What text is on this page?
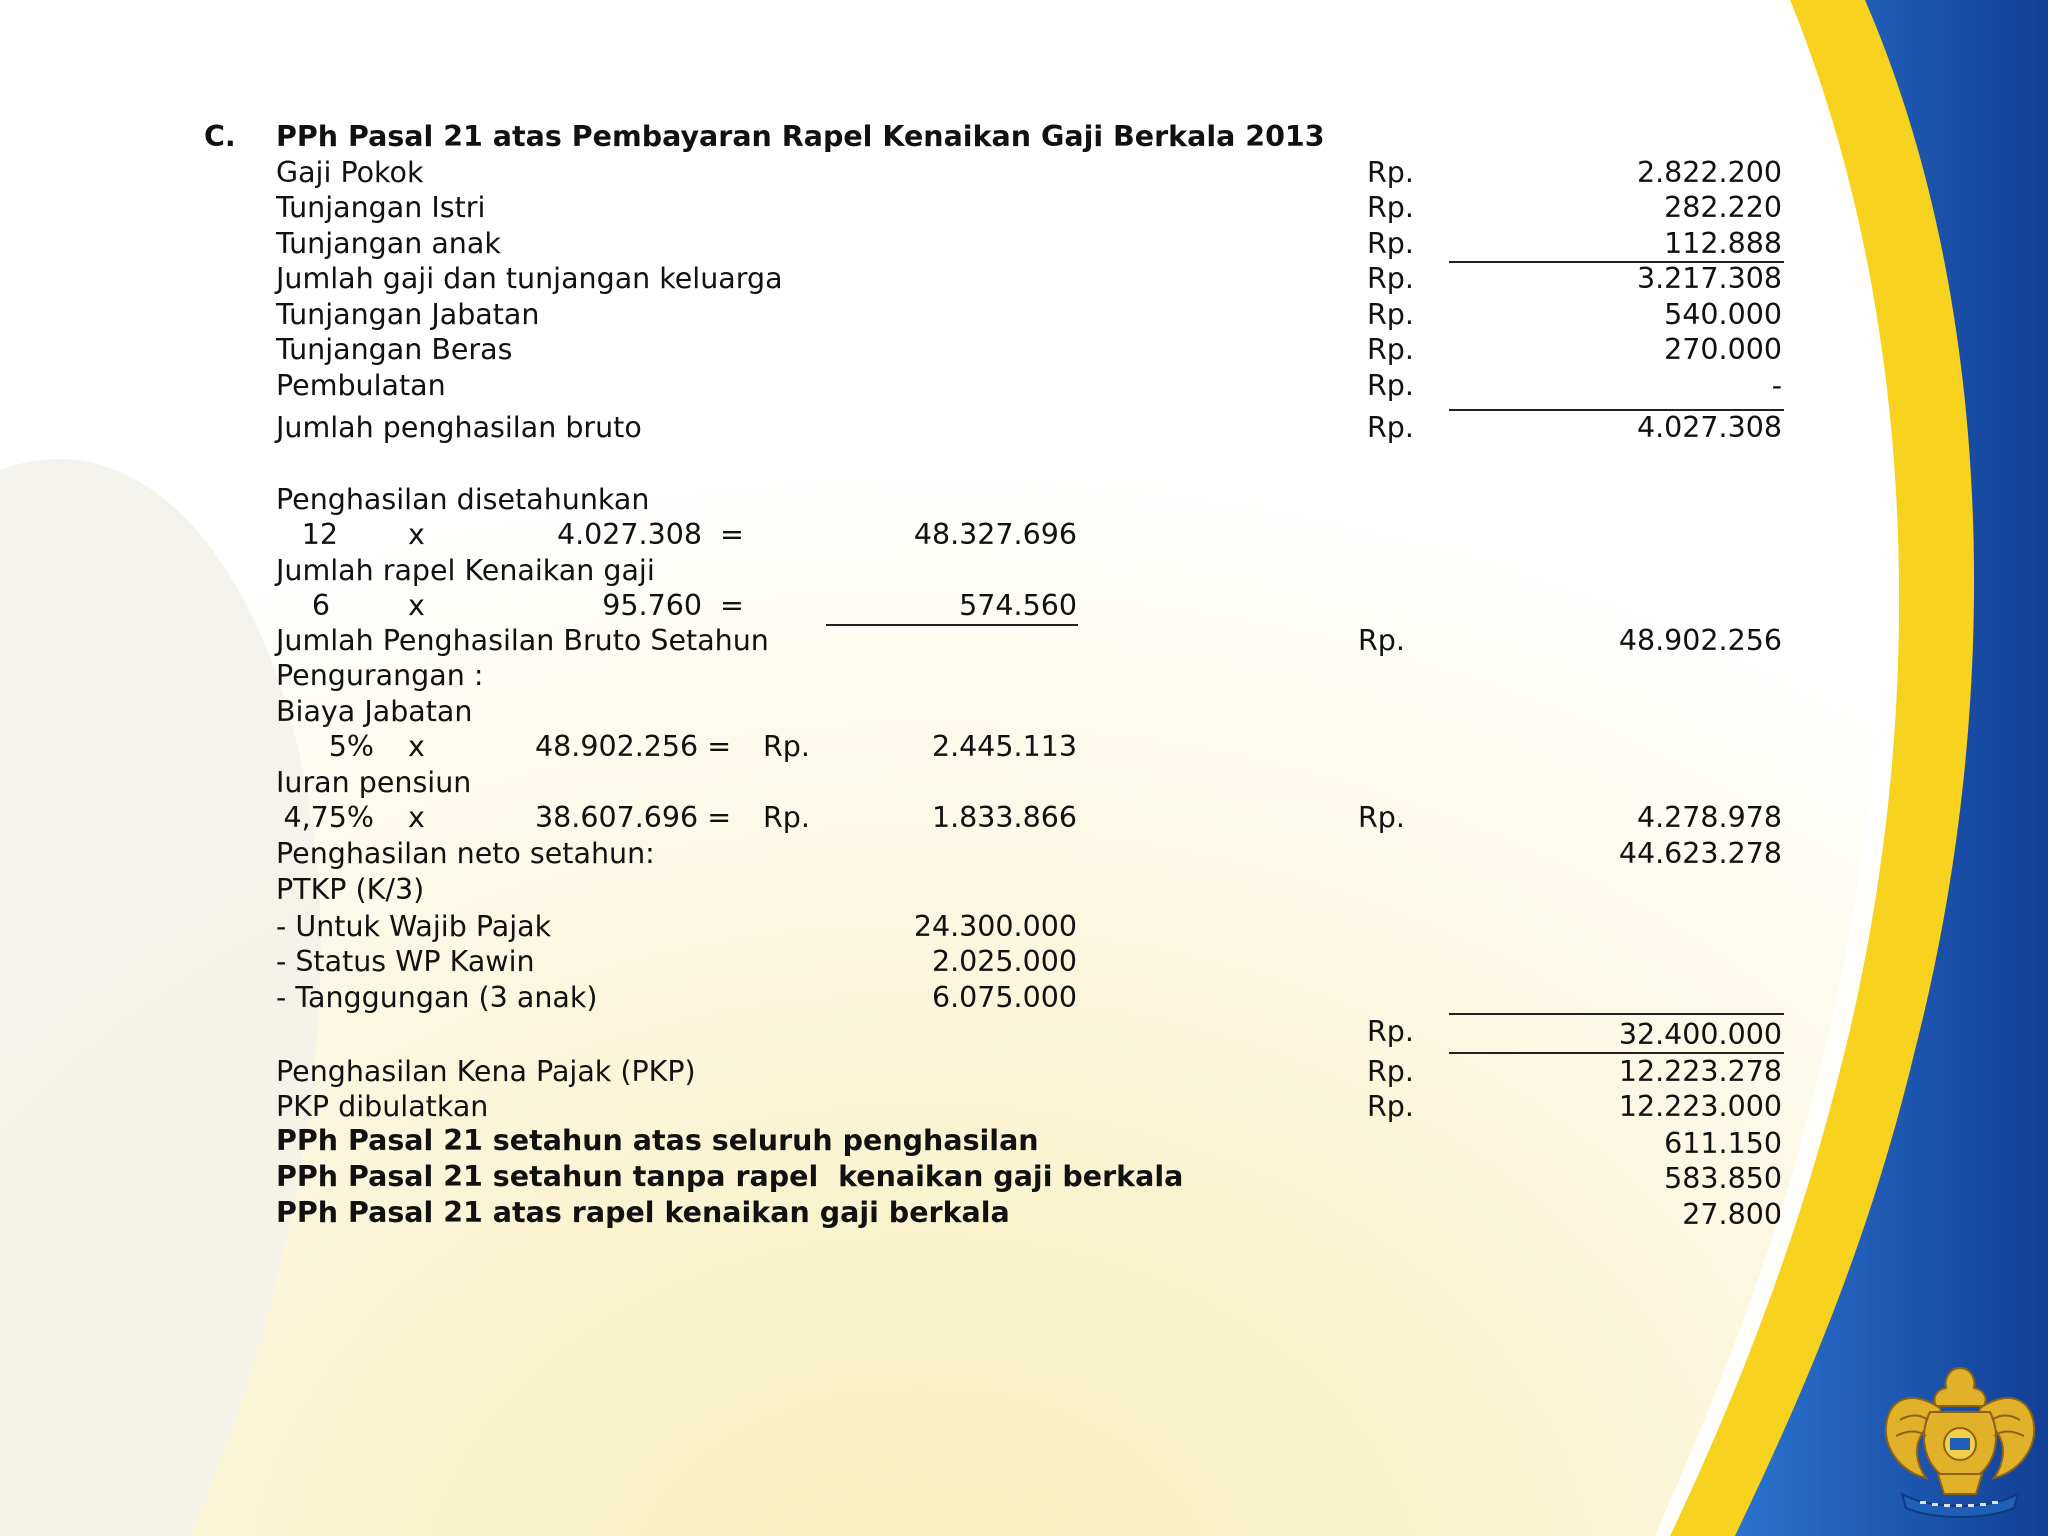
C. PPh Pasal 21 atas Pembayaran Rapel Kenaikan Gaji Berkala 2013
Gaji Pokok	Rp.	2.822.200
Tunjangan Istri	Rp.	282.220
Tunjangan anak	Rp.	112.888
Jumlah gaji dan tunjangan keluarga	Rp.	3.217.308
Tunjangan Jabatan	Rp.	540.000
Tunjangan Beras	Rp.	270.000
Pembulatan	Rp.	-
Jumlah penghasilan bruto	Rp.	4.027.308
Penghasilan disetahunkan
12 x	4.027.308 =	48.327.696
Jumlah rapel Kenaikan gaji
6	x	95.760 =	574.560
Jumlah Penghasilan Bruto Setahun	Rp.	48.902.256
Pengurangan :
Biaya Jabatan
5% x	48.902.256 = Rp.	2.445.113
Iuran pensiun
4,75% x	38.607.696 = Rp.	1.833.866	Rp.	4.278.978
Penghasilan neto setahun:	44.623.278
PTKP (K/3)
- Untuk Wajib Pajak	24.300.000
- Status WP Kawin	2.025.000
- Tanggungan (3 anak)	6.075.000
Rp.	32.400.000
Penghasilan Kena Pajak (PKP)	Rp.	12.223.278
PKP dibulatkan	Rp.	12.223.000
PPh Pasal 21 setahun atas seluruh penghasilan	611.150
PPh Pasal 21 setahun tanpa rapel  kenaikan gaji berkala	583.850
PPh Pasal 21 atas rapel kenaikan gaji berkala	27.800
